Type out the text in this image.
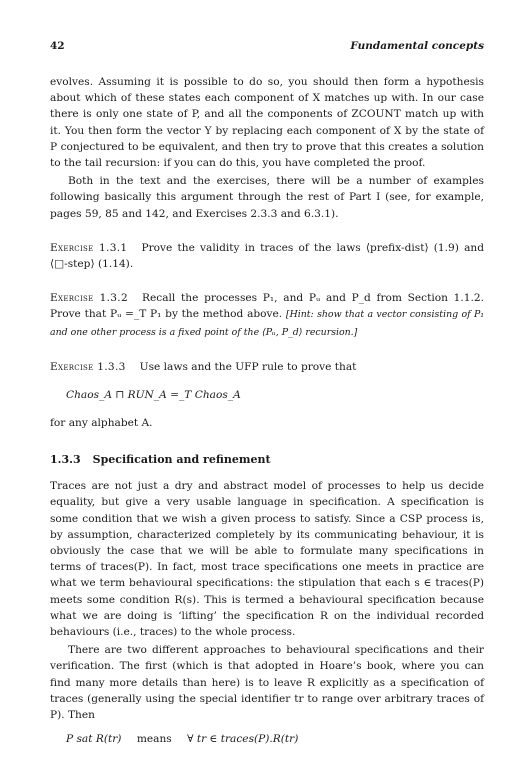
42	Fundamental concepts

evolves. Assuming it is possible to do so, you should then form a hypothesis about which of these states each component of X matches up with. In our case there is only one state of P, and all the components of ZCOUNT match up with it. You then form the vector Y by replacing each component of X by the state of P conjectured to be equivalent, and then try to prove that this creates a solution to the tail recursion: if you can do this, you have completed the proof.

Both in the text and the exercises, there will be a number of examples following basically this argument through the rest of Part I (see, for example, pages 59, 85 and 142, and Exercises 2.3.3 and 6.3.1).

Exercise 1.3.1 Prove the validity in traces of the laws ⟨prefix-dist⟩ (1.9) and ⟨□-step⟩ (1.14).

Exercise 1.3.2 Recall the processes P₁, and Pᵤ and P_d from Section 1.1.2. Prove that Pᵤ =_T P₁ by the method above. [Hint: show that a vector consisting of P₁ and one other process is a fixed point of the ⟨Pᵤ, P_d⟩ recursion.]

Exercise 1.3.3 Use laws and the UFP rule to prove that

Chaos_A ⊓ RUN_A =_T Chaos_A

for any alphabet A.

1.3.3 Specification and refinement

Traces are not just a dry and abstract model of processes to help us decide equality, but give a very usable language in specification. A specification is some condition that we wish a given process to satisfy. Since a CSP process is, by assumption, characterized completely by its communicating behaviour, it is obviously the case that we will be able to formulate many specifications in terms of traces(P). In fact, most trace specifications one meets in practice are what we term behavioural specifications: the stipulation that each s ∈ traces(P) meets some condition R(s). This is termed a behavioural specification because what we are doing is ‘lifting’ the specification R on the individual recorded behaviours (i.e., traces) to the whole process.

There are two different approaches to behavioural specifications and their verification. The first (which is that adopted in Hoare’s book, where you can find many more details than here) is to leave R explicitly as a specification of traces (generally using the special identifier tr to range over arbitrary traces of P). Then

P sat R(tr) means ∀ tr ∈ traces(P).R(tr)
